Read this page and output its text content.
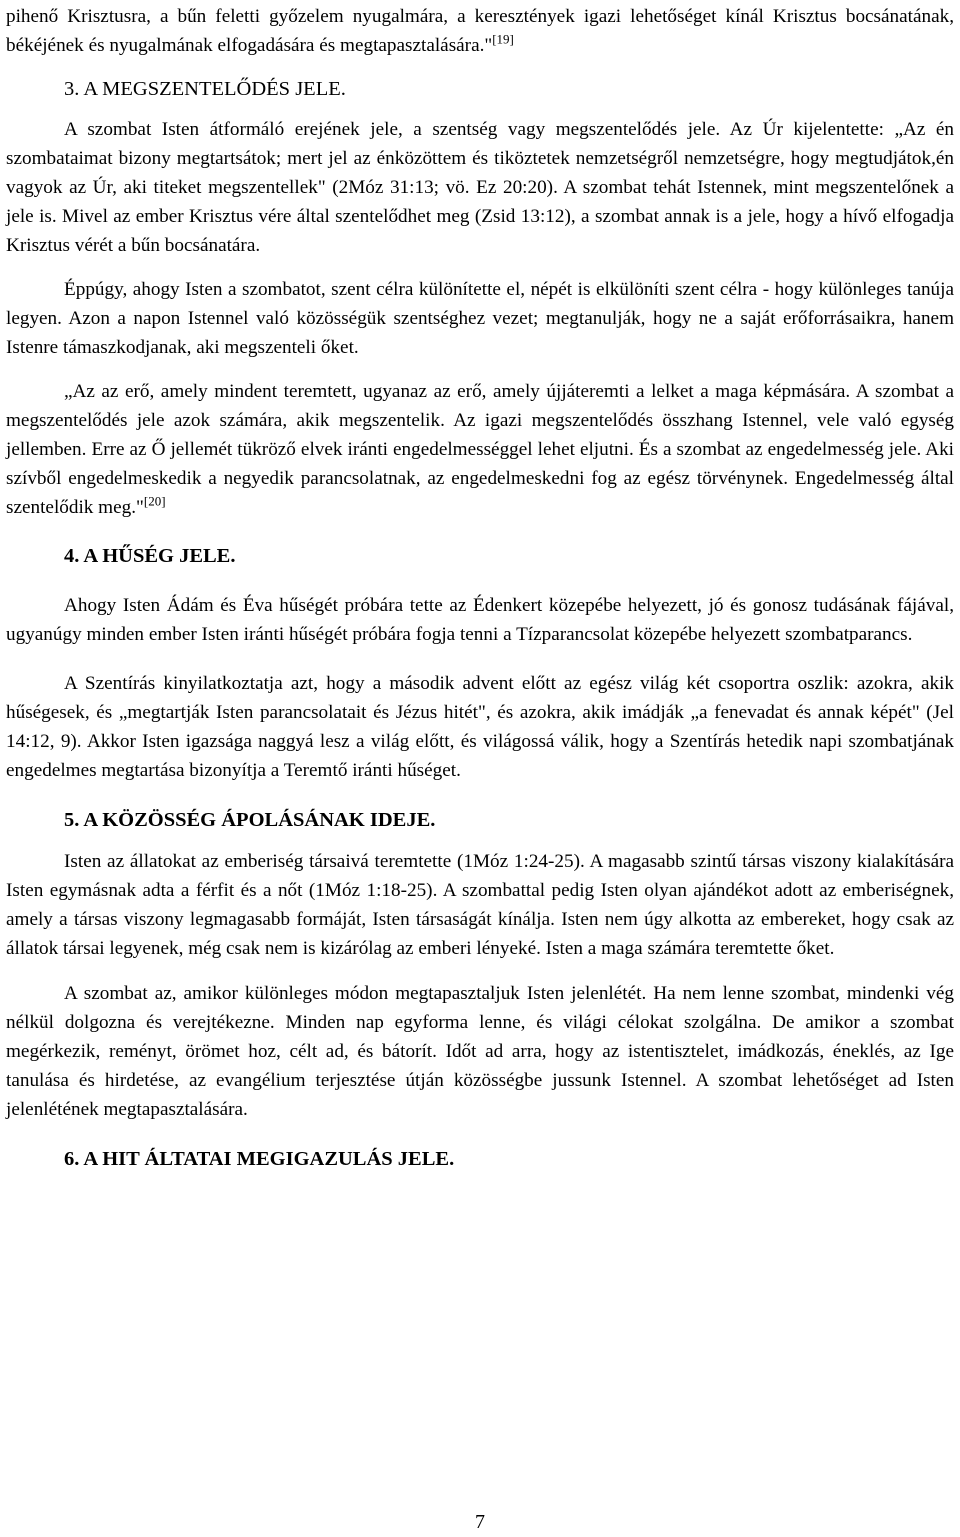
pihenő Krisztusra, a bűn feletti győzelem nyugalmára, a keresztények igazi lehetőséget kínál Krisztus bocsánatának, békéjének és nyugalmának elfogadására és megtapasztalására."[19]

3. A MEGSZENTELŐDÉS JELE.

A szombat Isten átformáló erejének jele, a szentség vagy megszentelődés jele. Az Úr kijelentette: „Az én szombataimat bizony megtartsátok; mert jel az énközöttem és tiköztetek nemzetségről nemzetségre, hogy megtudjátok,én vagyok az Úr, aki titeket megszentellek" (2Móz 31:13; vö. Ez 20:20). A szombat tehát Istennek, mint megszentelőnek a jele is. Mivel az ember Krisztus vére által szentelődhet meg (Zsid 13:12), a szombat annak is a jele, hogy a hívő elfogadja Krisztus vérét a bűn bocsánatára.

Éppúgy, ahogy Isten a szombatot, szent célra különítette el, népét is elkülöníti szent célra - hogy különleges tanúja legyen. Azon a napon Istennel való közösségük szentséghez vezet; megtanulják, hogy ne a saját erőforrásaikra, hanem Istenre támaszkodjanak, aki megszenteli őket.

„Az az erő, amely mindent teremtett, ugyanaz az erő, amely újjáteremti a lelket a maga képmására. A szombat a megszentelődés jele azok számára, akik megszentelik. Az igazi megszentelődés összhang Istennel, vele való egység jellemben. Erre az Ő jellemét tükröző elvek iránti engedelmességgel lehet eljutni. És a szombat az engedelmesség jele. Aki szívből engedelmeskedik a negyedik parancsolatnak, az engedelmeskedni fog az egész törvénynek. Engedelmesség által szentelődik meg."[20]

4. A HŰSÉG JELE.

Ahogy Isten Ádám és Éva hűségét próbára tette az Édenkert közepébe helyezett, jó és gonosz tudásának fájával, ugyanúgy minden ember Isten iránti hűségét próbára fogja tenni a Tízparancsolat közepébe helyezett szombatparancs.

A Szentírás kinyilatkoztatja azt, hogy a második advent előtt az egész világ két csoportra oszlik: azokra, akik hűségesek, és „megtartják Isten parancsolatait és Jézus hitét", és azokra, akik imádják „a fenevadat és annak képét" (Jel 14:12, 9). Akkor Isten igazsága naggyá lesz a világ előtt, és világossá válik, hogy a Szentírás hetedik napi szombatjának engedelmes megtartása bizonyítja a Teremtő iránti hűséget.

5. A KÖZÖSSÉG ÁPOLÁSÁNAK IDEJE.

Isten az állatokat az emberiség társaivá teremtette (1Móz 1:24-25). A magasabb szintű társas viszony kialakítására Isten egymásnak adta a férfit és a nőt (1Móz 1:18-25). A szombattal pedig Isten olyan ajándékot adott az emberiségnek, amely a társas viszony legmagasabb formáját, Isten társaságát kínálja. Isten nem úgy alkotta az embereket, hogy csak az állatok társai legyenek, még csak nem is kizárólag az emberi lényeké. Isten a maga számára teremtette őket.

A szombat az, amikor különleges módon megtapasztaljuk Isten jelenlétét. Ha nem lenne szombat, mindenki vég nélkül dolgozna és verejtékezne. Minden nap egyforma lenne, és világi célokat szolgálna. De amikor a szombat megérkezik, reményt, örömet hoz, célt ad, és bátorít. Időt ad arra, hogy az istentisztelet, imádkozás, éneklés, az Ige tanulása és hirdetése, az evangélium terjesztése útján közösségbe jussunk Istennel. A szombat lehetőséget ad Isten jelenlétének megtapasztalására.

6. A HIT ÁLTATAI MEGIGAZULÁS JELE.
7
